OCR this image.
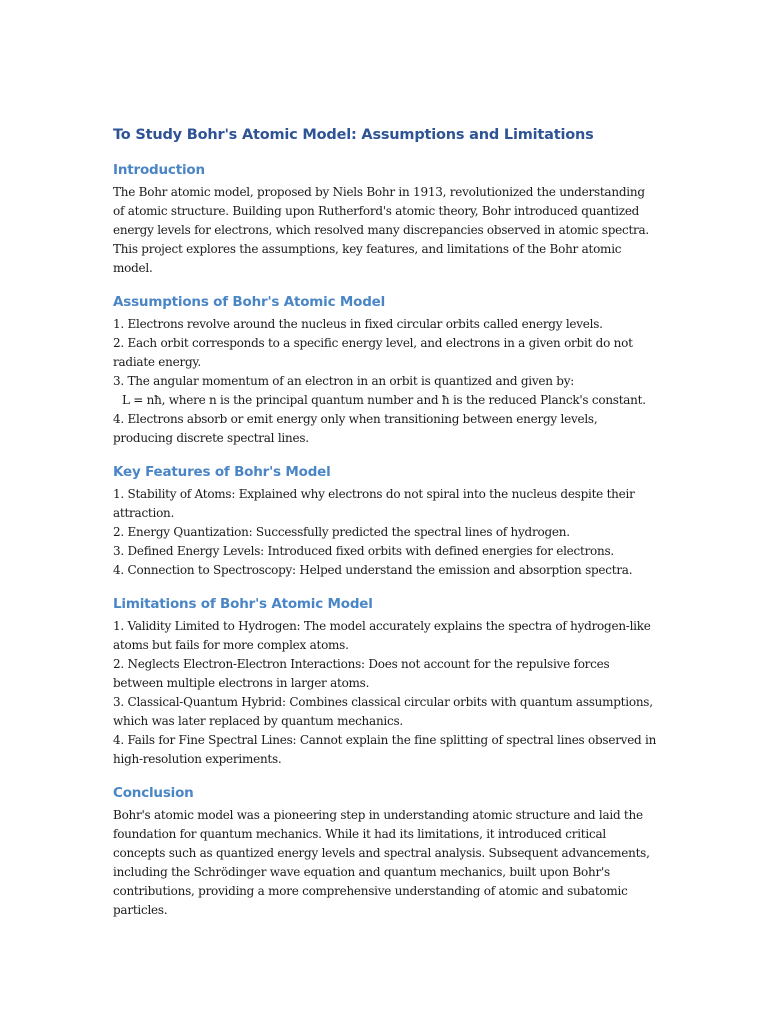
To Study Bohr's Atomic Model: Assumptions and Limitations
Introduction

The Bohr atomic model, proposed by Niels Bohr in 1913, revolutionized the understanding of atomic structure. Building upon Rutherford's atomic theory, Bohr introduced quantized energy levels for electrons, which resolved many discrepancies observed in atomic spectra. This project explores the assumptions, key features, and limitations of the Bohr atomic model.

Assumptions of Bohr's Atomic Model
1. Electrons revolve around the nucleus in fixed circular orbits called energy levels.
2. Each orbit corresponds to a specific energy level, and electrons in a given orbit do not radiate energy.
3. The angular momentum of an electron in an orbit is quantized and given by:
L = nħ, where n is the principal quantum number and ħ is the reduced Planck's constant.
4. Electrons absorb or emit energy only when transitioning between energy levels, producing discrete spectral lines.
Key Features of Bohr's Model
1. Stability of Atoms: Explained why electrons do not spiral into the nucleus despite their attraction.
2. Energy Quantization: Successfully predicted the spectral lines of hydrogen.
3. Defined Energy Levels: Introduced fixed orbits with defined energies for electrons.
4. Connection to Spectroscopy: Helped understand the emission and absorption spectra.
Limitations of Bohr's Atomic Model
1. Validity Limited to Hydrogen: The model accurately explains the spectra of hydrogen-like atoms but fails for more complex atoms.
2. Neglects Electron-Electron Interactions: Does not account for the repulsive forces between multiple electrons in larger atoms.
3. Classical-Quantum Hybrid: Combines classical circular orbits with quantum assumptions, which was later replaced by quantum mechanics.
4. Fails for Fine Spectral Lines: Cannot explain the fine splitting of spectral lines observed in high-resolution experiments.
Conclusion

Bohr's atomic model was a pioneering step in understanding atomic structure and laid the foundation for quantum mechanics. While it had its limitations, it introduced critical concepts such as quantized energy levels and spectral analysis. Subsequent advancements, including the Schrödinger wave equation and quantum mechanics, built upon Bohr's contributions, providing a more comprehensive understanding of atomic and subatomic particles.
